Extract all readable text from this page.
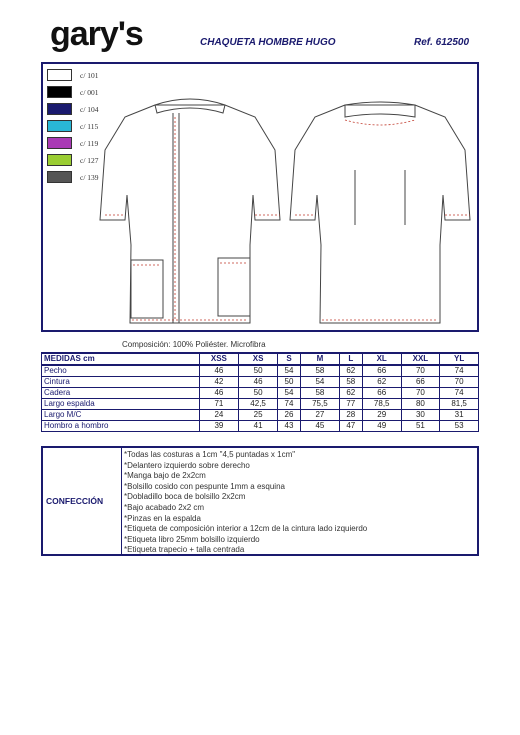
gary's	CHAQUETA HOMBRE HUGO	Ref. 612500
c/ 101
c/ 001
c/ 104
c/ 115
c/ 119
c/ 127
c/ 139
Composición: 100% Poliéster. Microfibra
MEDIDAS cm	XSS	XS	S	M	L	XL	XXL	YL
Pecho	46	50	54	58	62	66	70	74
Cintura	42	46	50	54	58	62	66	70
Cadera	46	50	54	58	62	66	70	74
Largo espalda	71	42,5	74	75,5	77	78,5	80	81,5
Largo M/C	24	25	26	27	28	29	30	31
Hombro a hombro	39	41	43	45	47	49	51	53
CONFECCIÓN
*Todas las costuras a 1cm "4,5 puntadas x 1cm"
*Delantero izquierdo sobre derecho
*Manga bajo de 2x2cm
*Bolsillo cosido con pespunte 1mm a esquina
*Dobladillo boca de bolsillo 2x2cm
*Bajo acabado 2x2 cm
*Pinzas en la espalda
*Etiqueta de composición interior a 12cm de la cintura lado izquierdo
*Etiqueta libro 25mm bolsillo izquierdo
*Etiqueta trapecio + talla centrada
